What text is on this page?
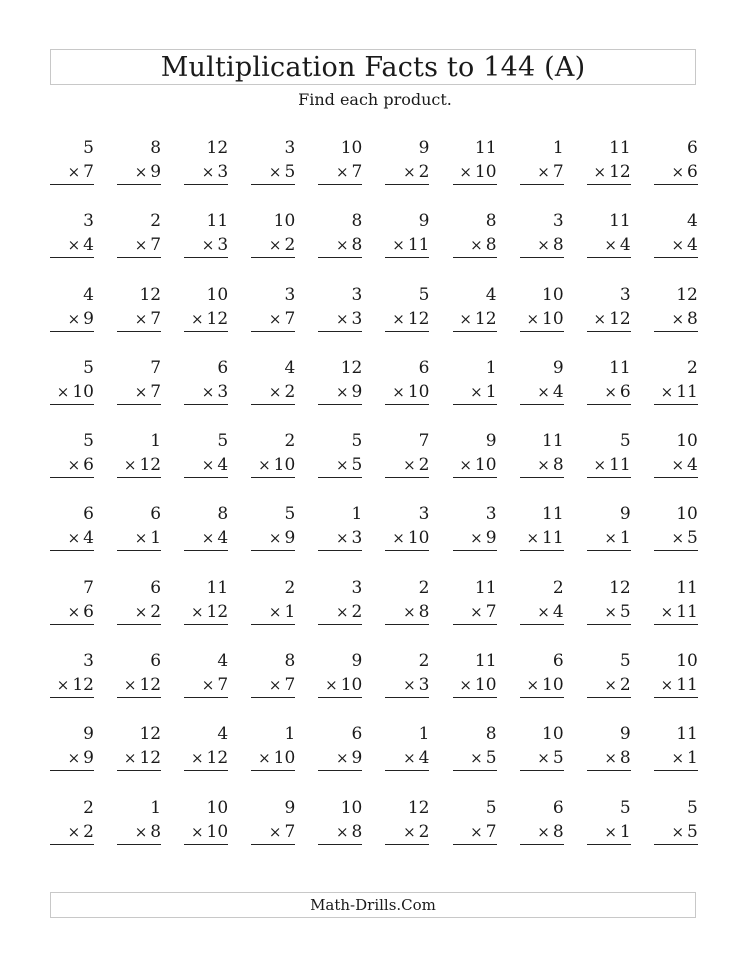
Multiplication Facts to 144 (A)
Find each product.
5
× 7
8
× 9
12
× 3
3
× 5
10
× 7
9
× 2
11
× 10
1
× 7
11
× 12
6
× 6
3
× 4
2
× 7
11
× 3
10
× 2
8
× 8
9
× 11
8
× 8
3
× 8
11
× 4
4
× 4
4
× 9
12
× 7
10
× 12
3
× 7
3
× 3
5
× 12
4
× 12
10
× 10
3
× 12
12
× 8
5
× 10
7
× 7
6
× 3
4
× 2
12
× 9
6
× 10
1
× 1
9
× 4
11
× 6
2
× 11
5
× 6
1
× 12
5
× 4
2
× 10
5
× 5
7
× 2
9
× 10
11
× 8
5
× 11
10
× 4
6
× 4
6
× 1
8
× 4
5
× 9
1
× 3
3
× 10
3
× 9
11
× 11
9
× 1
10
× 5
7
× 6
6
× 2
11
× 12
2
× 1
3
× 2
2
× 8
11
× 7
2
× 4
12
× 5
11
× 11
3
× 12
6
× 12
4
× 7
8
× 7
9
× 10
2
× 3
11
× 10
6
× 10
5
× 2
10
× 11
9
× 9
12
× 12
4
× 12
1
× 10
6
× 9
1
× 4
8
× 5
10
× 5
9
× 8
11
× 1
2
× 2
1
× 8
10
× 10
9
× 7
10
× 8
12
× 2
5
× 7
6
× 8
5
× 1
5
× 5
Math-Drills.Com
